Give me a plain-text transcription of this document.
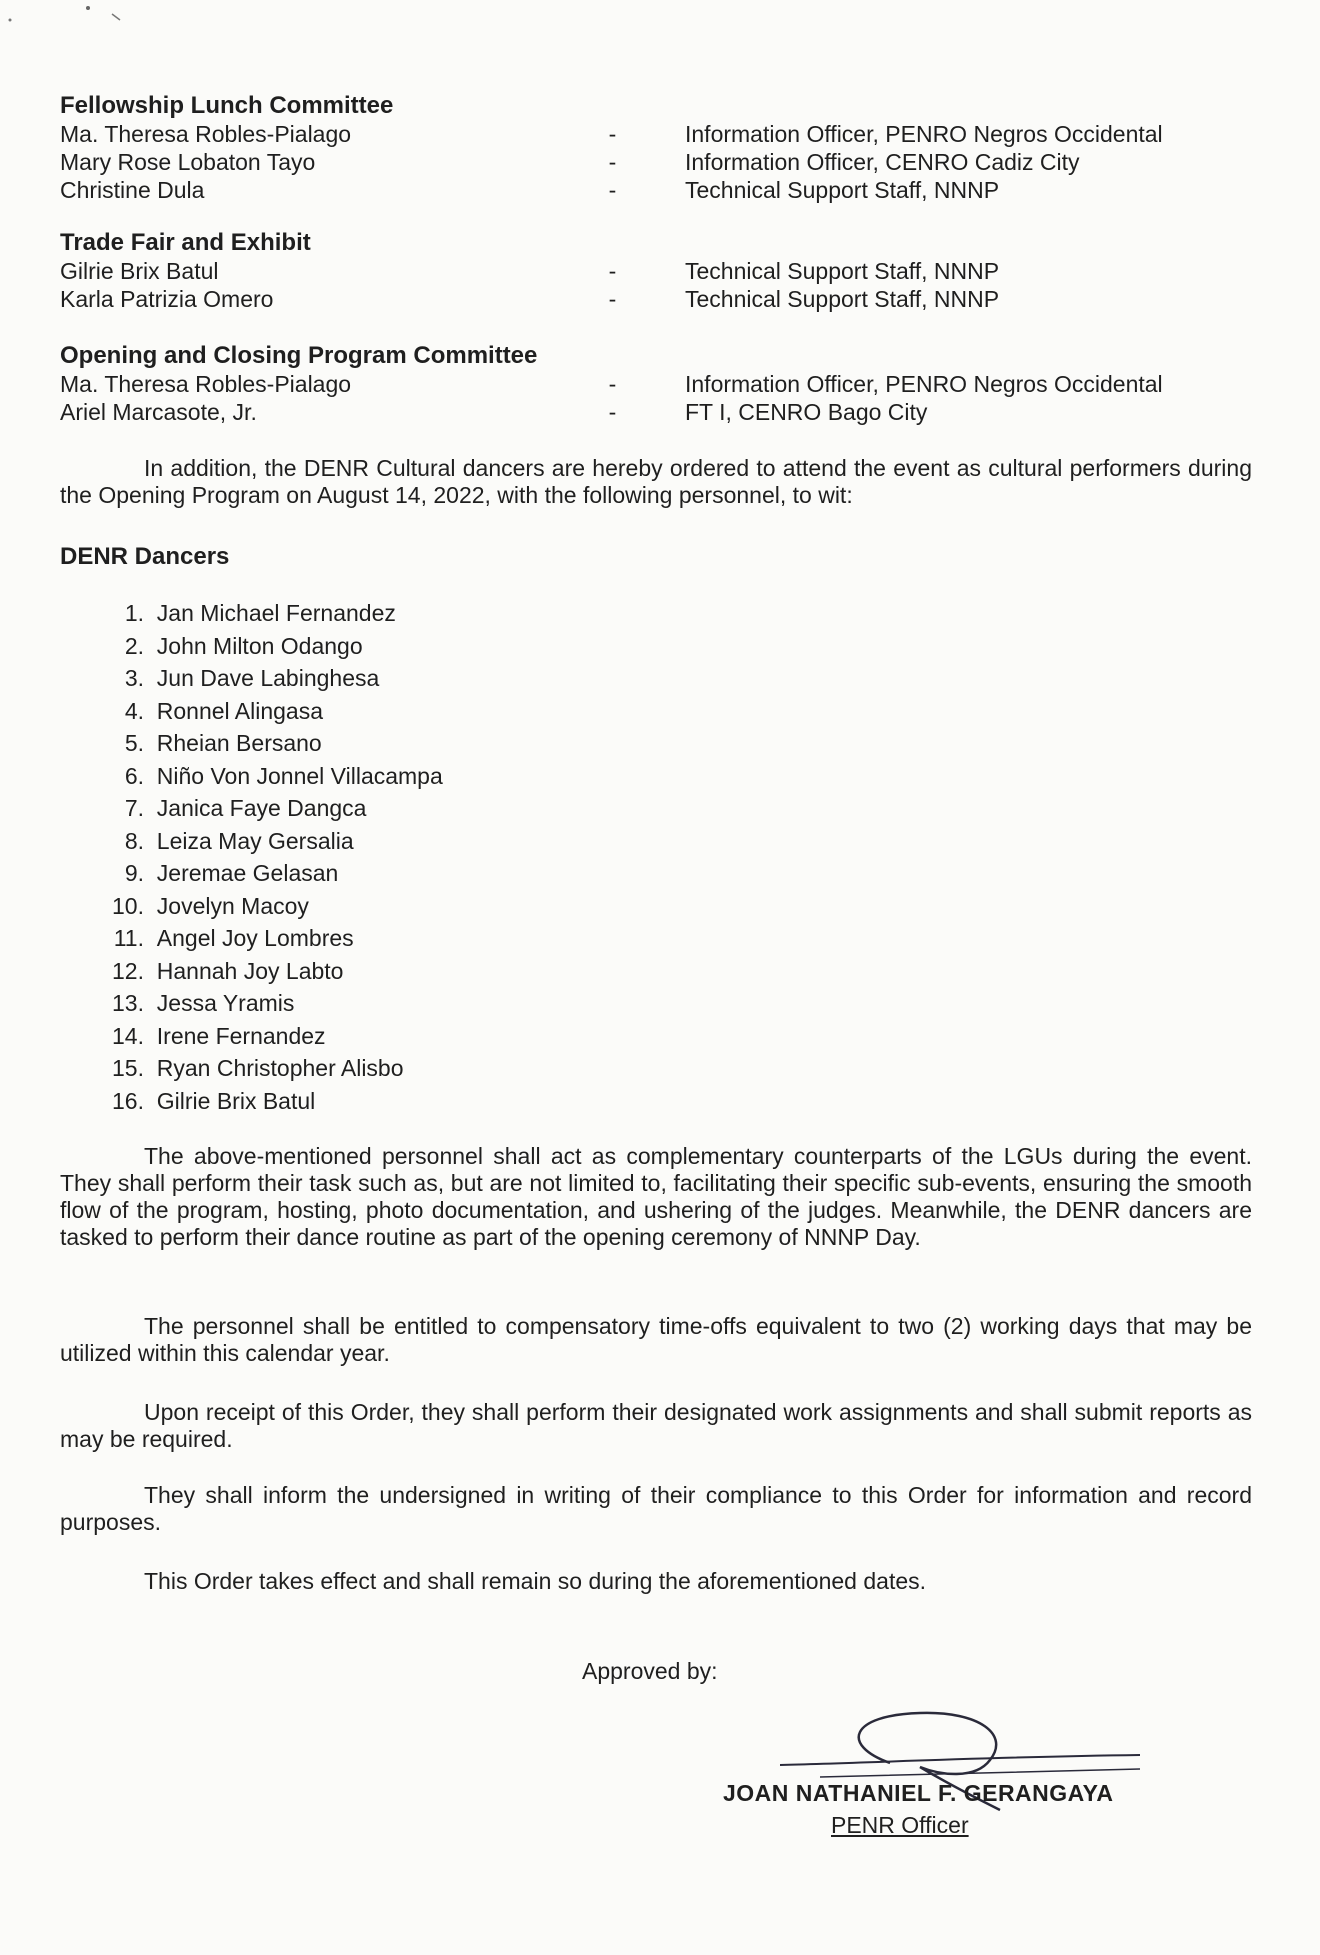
Fellowship Lunch Committee
Ma. Theresa Robles-Pialago	-	Information Officer, PENRO Negros Occidental
Mary Rose Lobaton Tayo	-	Information Officer, CENRO Cadiz City
Christine Dula	-	Technical Support Staff, NNNP
Trade Fair and Exhibit
Gilrie Brix Batul	-	Technical Support Staff, NNNP
Karla Patrizia Omero	-	Technical Support Staff, NNNP
Opening and Closing Program Committee
Ma. Theresa Robles-Pialago	-	Information Officer, PENRO Negros Occidental
Ariel Marcasote, Jr.	-	FT I, CENRO Bago City

In addition, the DENR Cultural dancers are hereby ordered to attend the event as cultural performers during the Opening Program on August 14, 2022, with the following personnel, to wit:

DENR Dancers
1.
Jan Michael Fernandez
2.
John Milton Odango
3.
Jun Dave Labinghesa
4.
Ronnel Alingasa
5.
Rheian Bersano
6.
Niño Von Jonnel Villacampa
7.
Janica Faye Dangca
8.
Leiza May Gersalia
9.
Jeremae Gelasan
10.
Jovelyn Macoy
11.
Angel Joy Lombres
12.
Hannah Joy Labto
13.
Jessa Yramis
14.
Irene Fernandez
15.
Ryan Christopher Alisbo
16.
Gilrie Brix Batul

The above-mentioned personnel shall act as complementary counterparts of the LGUs during the event. They shall perform their task such as, but are not limited to, facilitating their specific sub-events, ensuring the smooth flow of the program, hosting, photo documentation, and ushering of the judges. Meanwhile, the DENR dancers are tasked to perform their dance routine as part of the opening ceremony of NNNP Day.

The personnel shall be entitled to compensatory time-offs equivalent to two (2) working days that may be utilized within this calendar year.

Upon receipt of this Order, they shall perform their designated work assignments and shall submit reports as may be required.

They shall inform the undersigned in writing of their compliance to this Order for information and record purposes.

This Order takes effect and shall remain so during the aforementioned dates.

Approved by:

JOAN NATHANIEL F. GERANGAYA
PENR Officer
